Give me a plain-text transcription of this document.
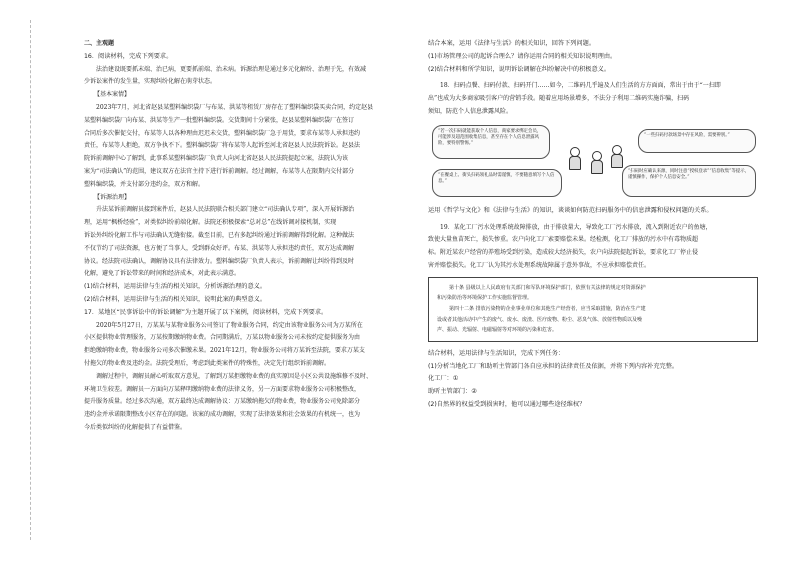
二、主观题

16．阅读材料，完成下列要求。

法治建设既要抓末端、治已病，更要抓前端、治未病。诉源治理是通过多元化解纷、治理于先，有效减

少诉讼案件的发生量，实现纠纷化解在萌芽状态。

【基本案情】

2023年7月，河北省赵县某塑料编织袋厂与布某、洪某等租赁厂房存在了塑料编织袋买卖合同，约定赵县

某塑料编织袋厂向布某、洪某等生产一批塑料编织袋。交货期间十分紧张，赵县某塑料编织袋厂在签订

合同后多次催促交付，布某等人以各种理由迟迟未交货，塑料编织袋厂急于用货，要求布某等人承担违约

责任，布某等人拒绝，双方争执不下。塑料编织袋厂将布某等人起诉至河北省赵县人民法院诉讼。赵县法

院诉前调解中心了解到，此事系某塑料编织袋厂负责人向河北省赵县人民法院提起立案，法院认为该

案为“司法确认”的范围，建议双方在法官主持下进行诉前调解。经过调解，布某等人在限期内交付部分

塑料编织袋，并支付部分违约金，双方和解。

【诉源治理】

升法某诉前调解员接到案件后，赵县人民法院联合相关部门建立“司法确认专项”，深入开展诉源治

理，运用“枫桥经验”，对类似纠纷前端化解。法院还积极探索“总对总”在线诉调对接机制，实现

诉讼外纠纷化解工作与司法确认无缝衔接。截至目前，已有多起纠纷通过诉前调解得到化解。这种做法

不仅节约了司法资源，也方便了当事人，受到群众好评。布某、洪某等人承担违约责任，双方达成调解

协议。经法院司法确认，调解协议具有法律效力。塑料编织袋厂负责人表示，诉前调解让纠纷得到及时

化解，避免了诉讼带来的时间和经济成本，对此表示满意。

(1)结合材料，运用法律与生活的相关知识，分析诉源治理的意义。

(2)结合材料，运用法律与生活的相关知识，说明此案的典型意义。

17．某地区“民事诉讼中的诉讼调解”为主题开展了以下案例，阅读材料，完成下列要求。

2020年5月27日，万某某与某物业服务公司签订了物业服务合同，约定由该物业服务公司为万某所在

小区提供物业管理服务，万某按期缴纳物业费。合同期满后，万某以物业服务公司未按约定提供服务为由

拒绝缴纳物业费，物业服务公司多次催缴未果。2021年12月，物业服务公司将万某诉至法院，要求万某支

付拖欠的物业费及违约金。法院受理后，考虑到此类案件的特殊性，决定先行组织诉前调解。

调解过程中，调解员耐心听取双方意见，了解到万某拒缴物业费的真实原因是小区公共设施维修不及时、

环境卫生较差。调解员一方面向万某释明缴纳物业费的法律义务，另一方面要求物业服务公司积极整改，

提升服务质量。经过多次沟通，双方最终达成调解协议：万某缴纳拖欠的物业费，物业服务公司免除部分

违约金并承诺限期整改小区存在的问题。该案的成功调解，实现了法律效果和社会效果的有机统一，也为

今后类似纠纷的化解提供了有益借鉴。

结合本案，运用《法律与生活》的相关知识，回答下列问题。

(1)市场管理公司的起诉合理么？请你运用合同的相关知识说明理由。

(2)结合材料和所学知识，说明诉讼调解在纠纷解决中的积极意义。

18．扫码点餐、扫码付款、扫码开门……如今，二维码几乎遍及人们生活的方方面面，常出于由于“一扫即

出”也成为大多商家吸引客户的营销手段。随着应用场景增多，不法分子利用二维码实施诈骗，扫码

须知，防范个人信息泄露风险。

“若一次扫码就能获取个人信息，商家要求绑定会员，可能涉及超范围收集信息，甚至存在个人信息泄露风险，要特别警惕。”
“一些扫码付款场景中存在风险，需要辨别。”
“在餐桌上、街头扫码领礼品时需谨慎，不要随意填写个人信息。”
“扫码时应确认来源，同时注意“授权登录”“信息收集”等提示，谨慎操作，保护个人信息安全。”

运用《哲学与文化》和《法律与生活》的知识，谈谈如何防范扫码服务中的信息泄露和侵权问题的关系。

19．某化工厂污水处理系统故障排放，由于排放量大，导致化工厂污水排放，流入到附近农户的鱼塘，

致使大量鱼苗死亡，损失惨重。农户向化工厂索要赔偿未果。经检测，化工厂排放的污水中有毒物质超

标。附近某农户经营的养殖场受到污染，造成较大经济损失，农户向法院提起诉讼，要求化工厂停止侵

害并赔偿损失。化工厂认为其污水处理系统故障属于意外事故，不应承担赔偿责任。

第十条 县级以上人民政府有关部门和军队环境保护部门，依照有关法律的规定对资源保护

和污染防治等环境保护工作实施监督管理。

第四十二条 排放污染物的企业事业单位和其他生产经营者，应当采取措施，防治在生产建

设或者其他活动中产生的废气、废水、废渣、医疗废物、粉尘、恶臭气体、放射性物质以及噪

声、振动、光辐射、电磁辐射等对环境的污染和危害。

结合材料，运用法律与生活知识，完成下列任务：

(1)分析当地化工厂和助听主管部门各自应承担的法律责任及依据，并将下列内容补充完整。

化工厂：①

助听主管部门：②

(2)自然界的权益受到损害时，他可以通过哪些途径维权？
